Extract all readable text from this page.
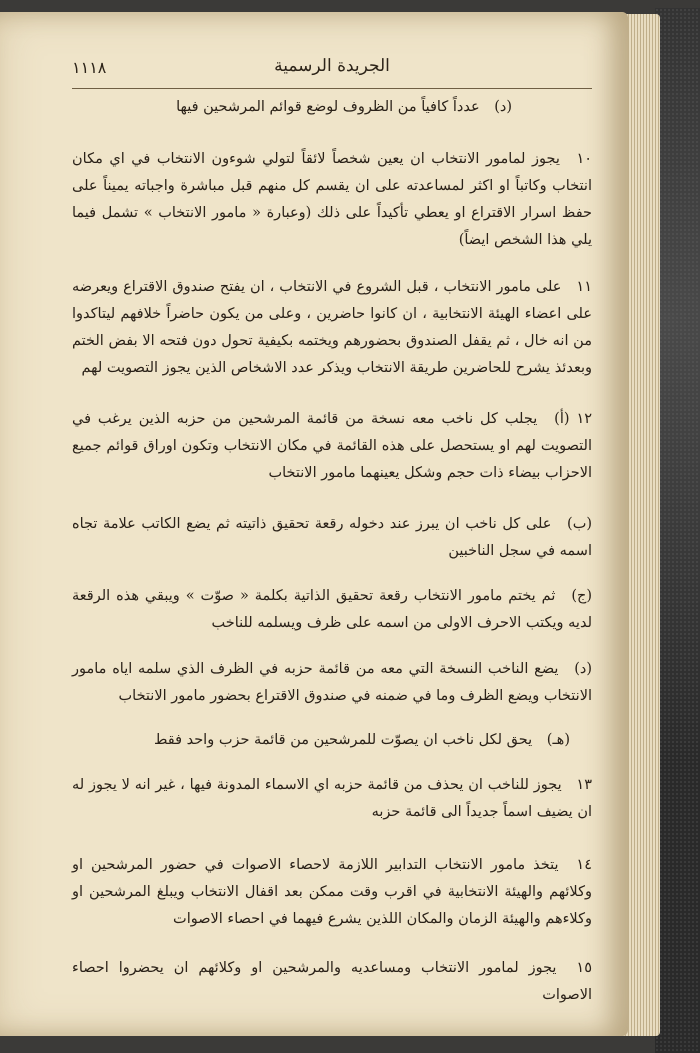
الجريدة الرسمية
١١١٨
(د) عدداً كافياً من الظروف لوضع قوائم المرشحين فيها
١٠ يجوز لمامور الانتخاب ان يعين شخصاً لائقاً لتولي شوءون الانتخاب في اي مكان انتخاب وكاتباً او اكثر لمساعدته على ان يقسم كل منهم قبل مباشرة واجباته يميناً على حفظ اسرار الاقتراع او يعطي تأكيداً على ذلك (وعبارة « مامور الانتخاب » تشمل فيما يلي هذا الشخص ايضاً)
١١ على مامور الانتخاب ، قبل الشروع في الانتخاب ، ان يفتح صندوق الاقتراع ويعرضه على اعضاء الهيئة الانتخابية ، ان كانوا حاضرين ، وعلى من يكون حاضراً خلافهم ليتاكدوا من انه خال ، ثم يقفل الصندوق بحضورهم ويختمه بكيفية تحول دون فتحه الا بفض الختم وبعدئذ يشرح للحاضرين طريقة الانتخاب ويذكر عدد الاشخاص الذين يجوز التصويت لهم
١٢ (أ) يجلب كل ناخب معه نسخة من قائمة المرشحين من حزبه الذين يرغب في التصويت لهم او يستحصل على هذه القائمة في مكان الانتخاب وتكون اوراق قوائم جميع الاحزاب بيضاء ذات حجم وشكل يعينهما مامور الانتخاب
(ب) على كل ناخب ان يبرز عند دخوله رقعة تحقيق ذاتيته ثم يضع الكاتب علامة تجاه اسمه في سجل الناخبين
(ج) ثم يختم مامور الانتخاب رقعة تحقيق الذاتية بكلمة « صوّت » ويبقي هذه الرقعة لديه ويكتب الاحرف الاولى من اسمه على ظرف ويسلمه للناخب
(د) يضع الناخب النسخة التي معه من قائمة حزبه في الظرف الذي سلمه اياه مامور الانتخاب ويضع الظرف وما في ضمنه في صندوق الاقتراع بحضور مامور الانتخاب
(هـ) يحق لكل ناخب ان يصوّت للمرشحين من قائمة حزب واحد فقط
١٣ يجوز للناخب ان يحذف من قائمة حزبه اي الاسماء المدونة فيها ، غير انه لا يجوز له ان يضيف اسماً جديداً الى قائمة حزبه
١٤ يتخذ مامور الانتخاب التدابير اللازمة لاحصاء الاصوات في حضور المرشحين او وكلائهم والهيئة الانتخابية في اقرب وقت ممكن بعد اقفال الانتخاب ويبلغ المرشحين او وكلاءهم والهيئة الزمان والمكان اللذين يشرع فيهما في احصاء الاصوات
١٥ يجوز لمامور الانتخاب ومساعديه والمرشحين او وكلائهم ان يحضروا احصاء الاصوات
